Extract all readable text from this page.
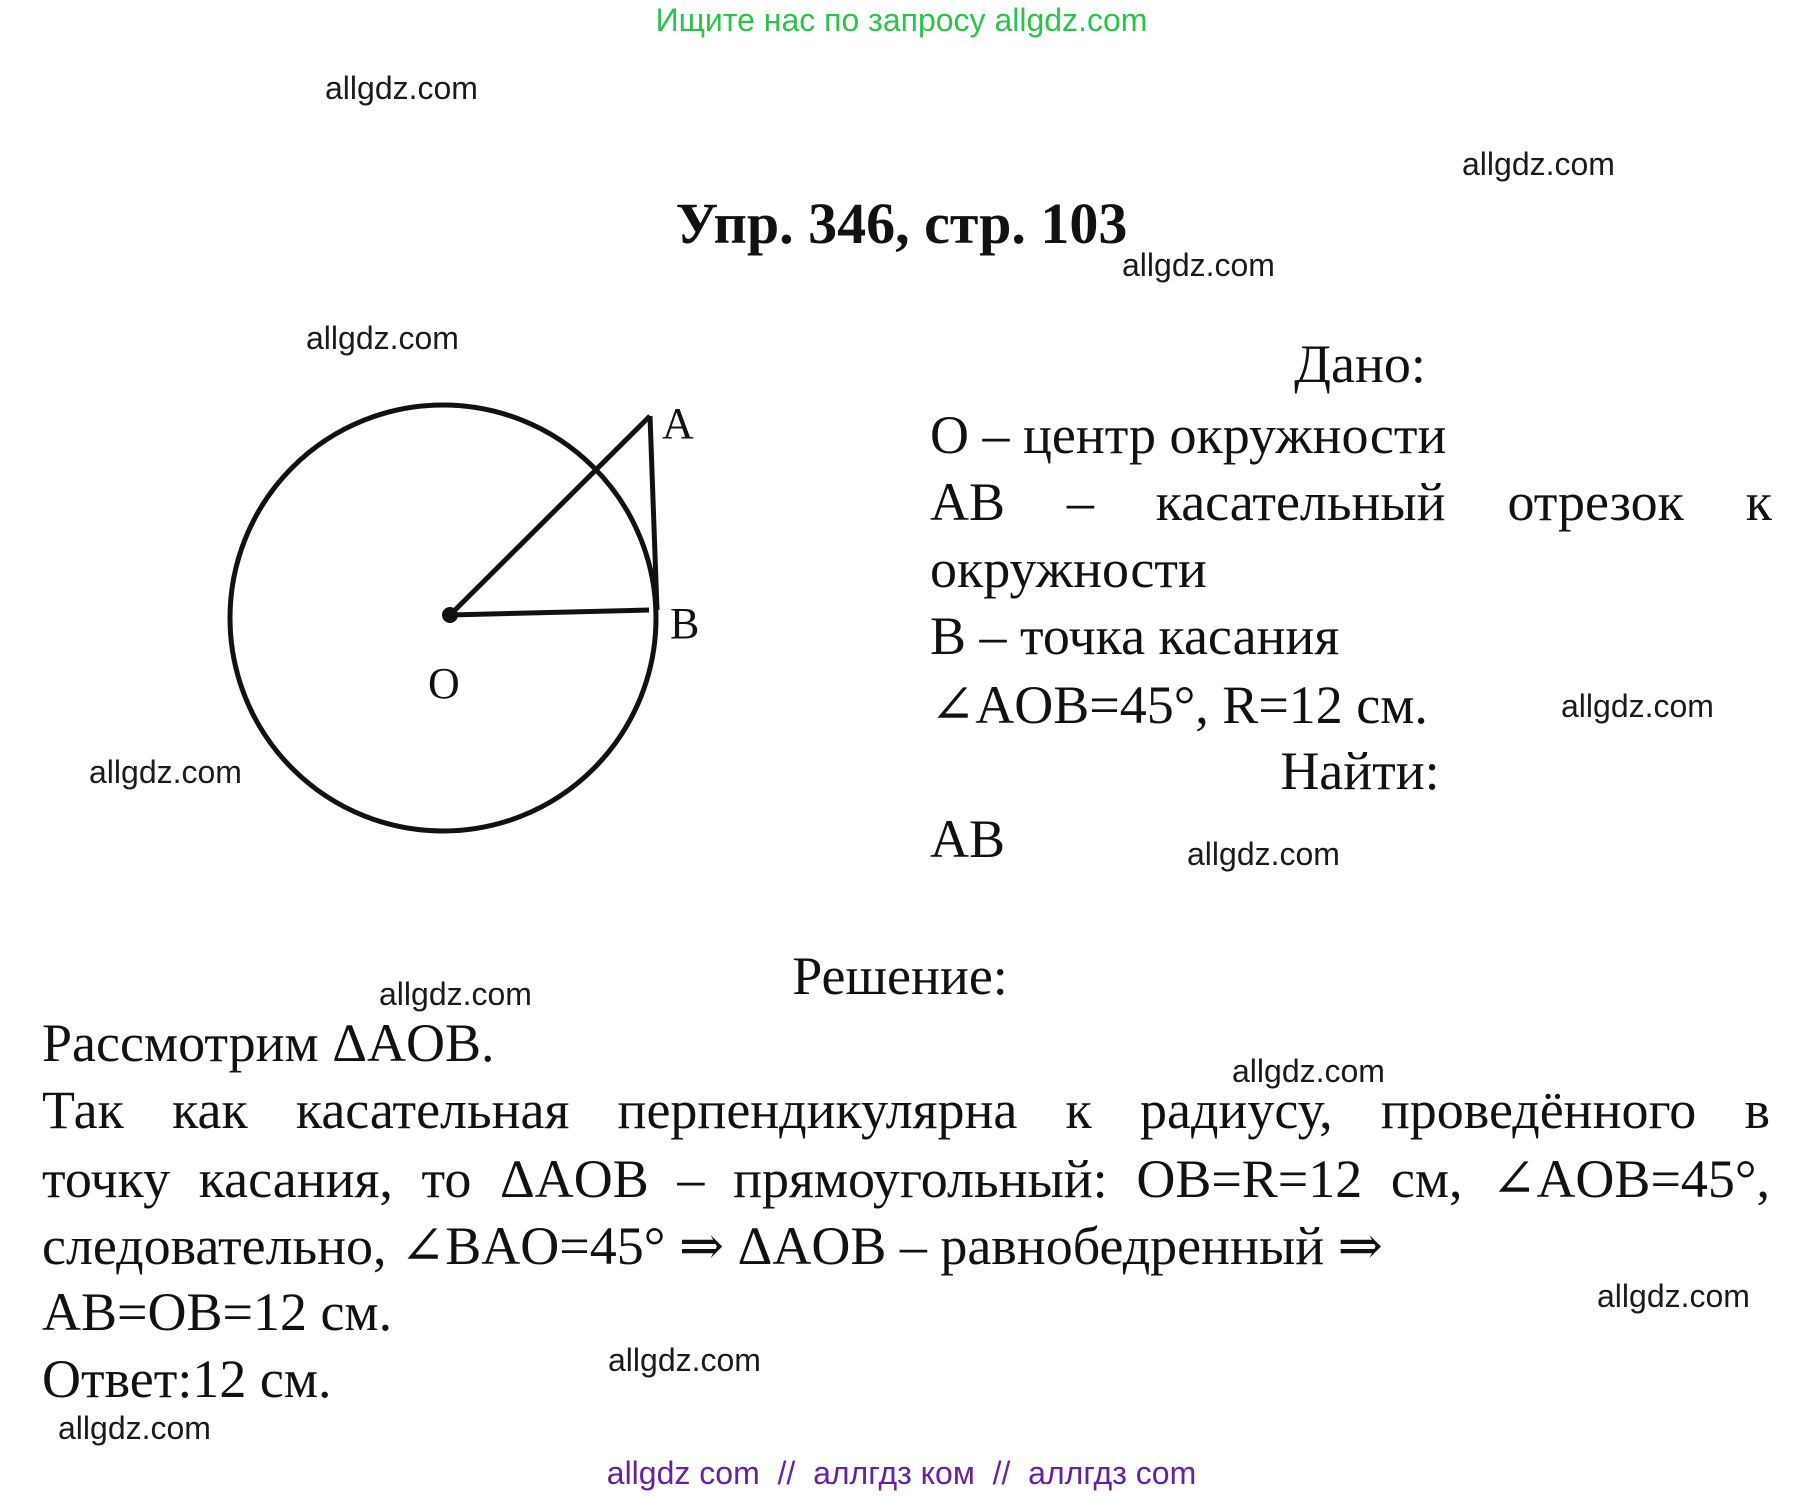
Ищите нас по запросу allgdz.com
allgdz.com
allgdz.com
allgdz.com
allgdz.com
allgdz.com
allgdz.com
allgdz.com
allgdz.com
allgdz.com
allgdz.com
allgdz.com
allgdz.com
Упр. 346, стр. 103
A
B
O
Дано:
O – центр окружности
AB – касательный отрезок к
окружности
B – точка касания
∠AOB=45°, R=12 см.
Найти:
AB
Решение:
Рассмотрим ΔAOB.
Так как касательная перпендикулярна к радиусу, проведённого в
точку касания, то ΔAOB – прямоугольный: OB=R=12 см, ∠AOB=45°,
следовательно, ∠BAO=45° ⇒ ΔAOB – равнобедренный ⇒
AB=OB=12 см.
Ответ:12 см.
allgdz com  //  аллгдз ком  //  аллгдз com
